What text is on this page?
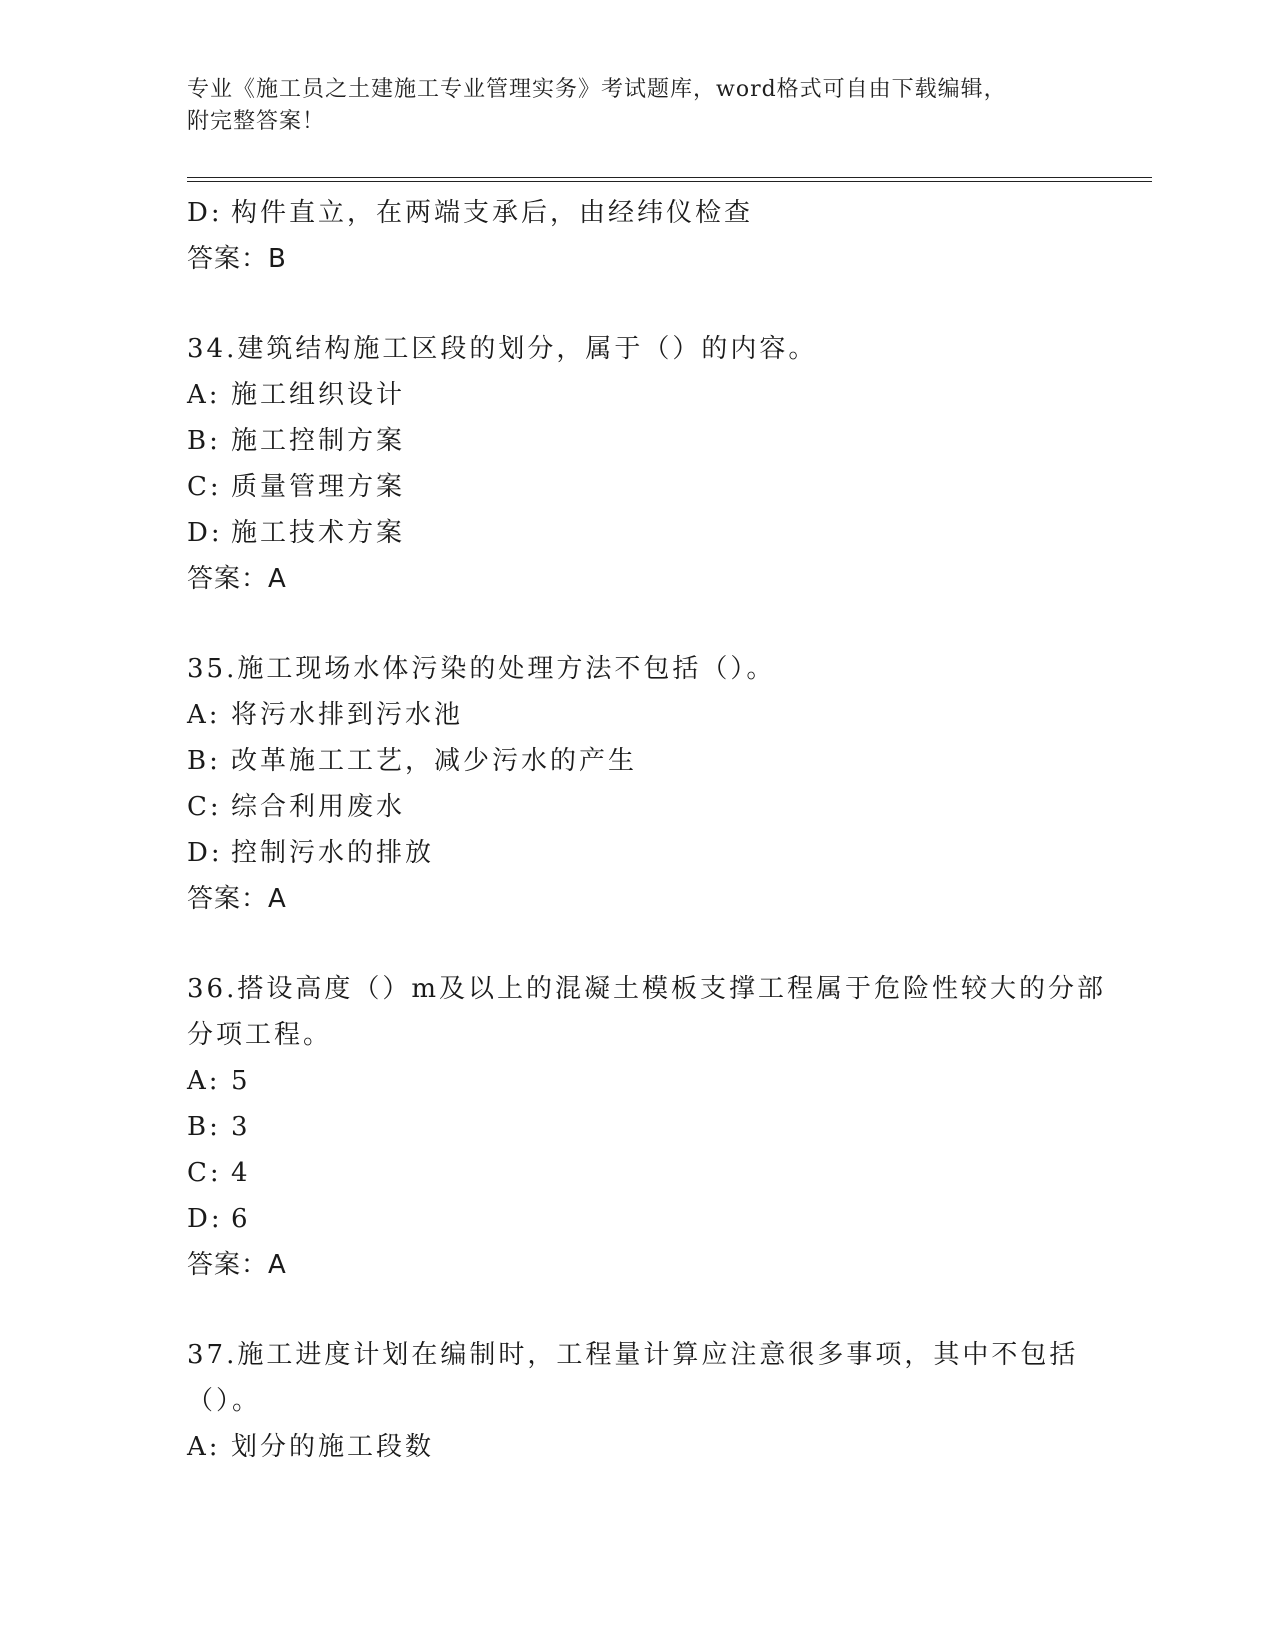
专业《施工员之土建施工专业管理实务》考试题库，word格式可自由下载编辑，
附完整答案！
D: 构件直立，在两端支承后，由经纬仪检查
答案：B
34.建筑结构施工区段的划分，属于（）的内容。
A: 施工组织设计
B: 施工控制方案
C: 质量管理方案
D: 施工技术方案
答案：A
35.施工现场水体污染的处理方法不包括（）。
A: 将污水排到污水池
B: 改革施工工艺，减少污水的产生
C: 综合利用废水
D: 控制污水的排放
答案：A
36.搭设高度（）m及以上的混凝土模板支撑工程属于危险性较大的分部分项工程。
A: 5
B: 3
C: 4
D: 6
答案：A
37.施工进度计划在编制时，工程量计算应注意很多事项，其中不包括（）。
A: 划分的施工段数
